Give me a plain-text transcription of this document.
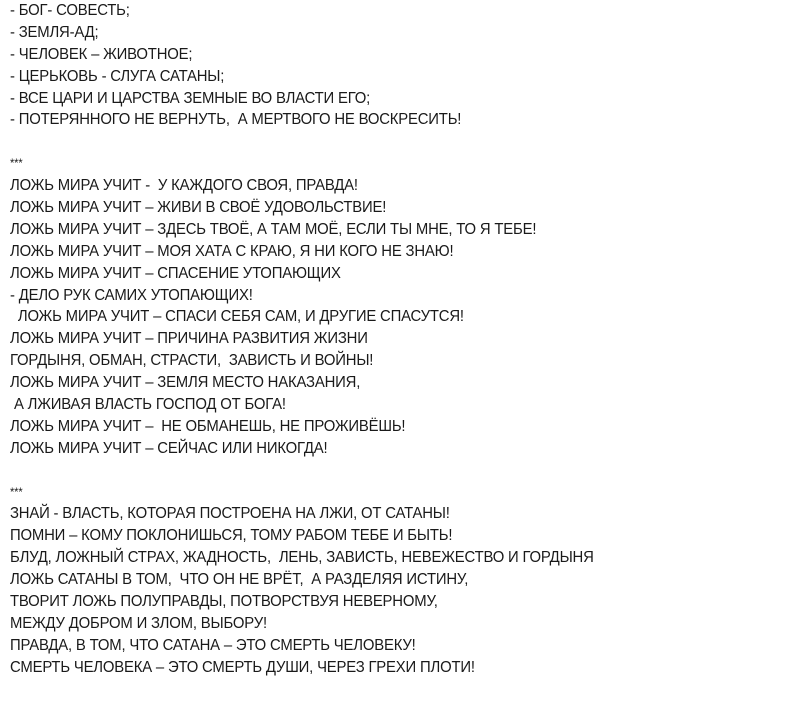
- БОГ- СОВЕСТЬ;
- ЗЕМЛЯ-АД;
- ЧЕЛОВЕК – ЖИВОТНОЕ;
- ЦЕРЬКОВЬ - СЛУГА САТАНЫ;
- ВСЕ ЦАРИ И ЦАРСТВА ЗЕМНЫЕ ВО ВЛАСТИ ЕГО;
- ПОТЕРЯННОГО НЕ ВЕРНУТЬ,  А МЕРТВОГО НЕ ВОСКРЕСИТЬ!
***
ЛОЖЬ МИРА УЧИТ -  У КАЖДОГО СВОЯ, ПРАВДА!
ЛОЖЬ МИРА УЧИТ – ЖИВИ В СВОЁ УДОВОЛЬСТВИЕ!
ЛОЖЬ МИРА УЧИТ – ЗДЕСЬ ТВОЁ, А ТАМ МОЁ, ЕСЛИ ТЫ МНЕ, ТО Я ТЕБЕ!
ЛОЖЬ МИРА УЧИТ – МОЯ ХАТА С КРАЮ, Я НИ КОГО НЕ ЗНАЮ!
ЛОЖЬ МИРА УЧИТ – СПАСЕНИЕ УТОПАЮЩИХ
- ДЕЛО РУК САМИХ УТОПАЮЩИХ!
ЛОЖЬ МИРА УЧИТ – СПАСИ СЕБЯ САМ, И ДРУГИЕ СПАСУТСЯ!
ЛОЖЬ МИРА УЧИТ – ПРИЧИНА РАЗВИТИЯ ЖИЗНИ
ГОРДЫНЯ, ОБМАН, СТРАСТИ,  ЗАВИСТЬ И ВОЙНЫ!
ЛОЖЬ МИРА УЧИТ – ЗЕМЛЯ МЕСТО НАКАЗАНИЯ,
А ЛЖИВАЯ ВЛАСТЬ ГОСПОД ОТ БОГА!
ЛОЖЬ МИРА УЧИТ –  НЕ ОБМАНЕШЬ, НЕ ПРОЖИВЁШЬ!
ЛОЖЬ МИРА УЧИТ – СЕЙЧАС ИЛИ НИКОГДА!
***
ЗНАЙ - ВЛАСТЬ, КОТОРАЯ ПОСТРОЕНА НА ЛЖИ, ОТ САТАНЫ!
ПОМНИ – КОМУ ПОКЛОНИШЬСЯ, ТОМУ РАБОМ ТЕБЕ И БЫТЬ!
БЛУД, ЛОЖНЫЙ СТРАХ, ЖАДНОСТЬ,  ЛЕНЬ, ЗАВИСТЬ, НЕВЕЖЕСТВО И ГОРДЫНЯ
ЛОЖЬ САТАНЫ В ТОМ,  ЧТО ОН НЕ ВРЁТ,  А РАЗДЕЛЯЯ ИСТИНУ,
ТВОРИТ ЛОЖЬ ПОЛУПРАВДЫ, ПОТВОРСТВУЯ НЕВЕРНОМУ,
МЕЖДУ ДОБРОМ И ЗЛОМ, ВЫБОРУ!
ПРАВДА, В ТОМ, ЧТО САТАНА – ЭТО СМЕРТЬ ЧЕЛОВЕКУ!
СМЕРТЬ ЧЕЛОВЕКА – ЭТО СМЕРТЬ ДУШИ, ЧЕРЕЗ ГРЕХИ ПЛОТИ!
